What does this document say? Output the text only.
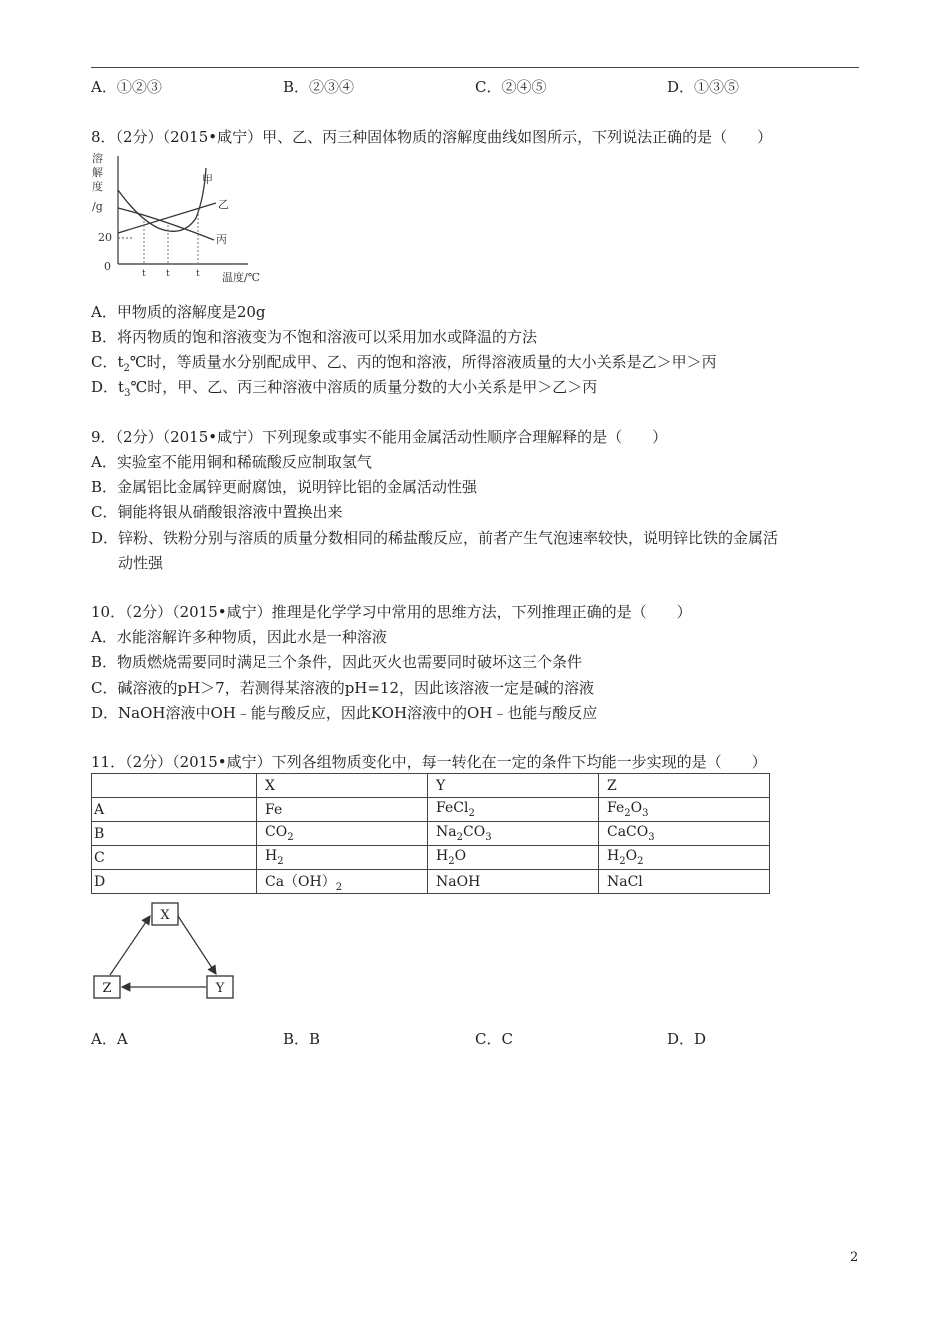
A．①②③	B．②③④	C．②④⑤	D．①③⑤
8．（2分）（2015•咸宁）甲、乙、丙三种固体物质的溶解度曲线如图所示，下列说法正确的是（　　）
溶
解
度
/g
20
0
t t	t 温度/℃
甲
乙
丙
A．甲物质的溶解度是20g
B．将丙物质的饱和溶液变为不饱和溶液可以采用加水或降温的方法
C．$t_2℃$时，等质量水分别配成甲、乙、丙的饱和溶液，所得溶液质量的大小关系是乙＞甲＞丙
D．$t_3℃$时，甲、乙、丙三种溶液中溶质的质量分数的大小关系是甲＞乙＞丙
9．（2分）（2015•咸宁）下列现象或事实不能用金属活动性顺序合理解释的是（　　）
A．实验室不能用铜和稀硫酸反应制取氢气
B．金属铝比金属锌更耐腐蚀，说明锌比铝的金属活动性强
C．铜能将银从硝酸银溶液中置换出来
D．锌粉、铁粉分别与溶质的质量分数相同的稀盐酸反应，前者产生气泡速率较快，说明锌比铁的金属活
动性强
10．（2分）（2015•咸宁）推理是化学学习中常用的思维方法，下列推理正确的是（　　）
A．水能溶解许多种物质，因此水是一种溶液
B．物质燃烧需要同时满足三个条件，因此灭火也需要同时破坏这三个条件
C．碱溶液的pH＞7，若测得某溶液的pH=12，因此该溶液一定是碱的溶液
D．NaOH溶液中OH﹣能与酸反应，因此KOH溶液中的OH﹣也能与酸反应
11．（2分）（2015•咸宁）下列各组物质变化中，每一转化在一定的条件下均能一步实现的是（　　）
	X	Y	Z
A	Fe	FeCl$_2$	$Fe_2O_3$
B	$CO_2$	$Na_2CO_3$	CaCO$_3$
C	$H_2$	$H_2O$	$H_2O_2$
D	$Ca(OH)_2$	NaOH	NaCl
X
Y
Z
A．A	B．B	C．C	D．D
2
